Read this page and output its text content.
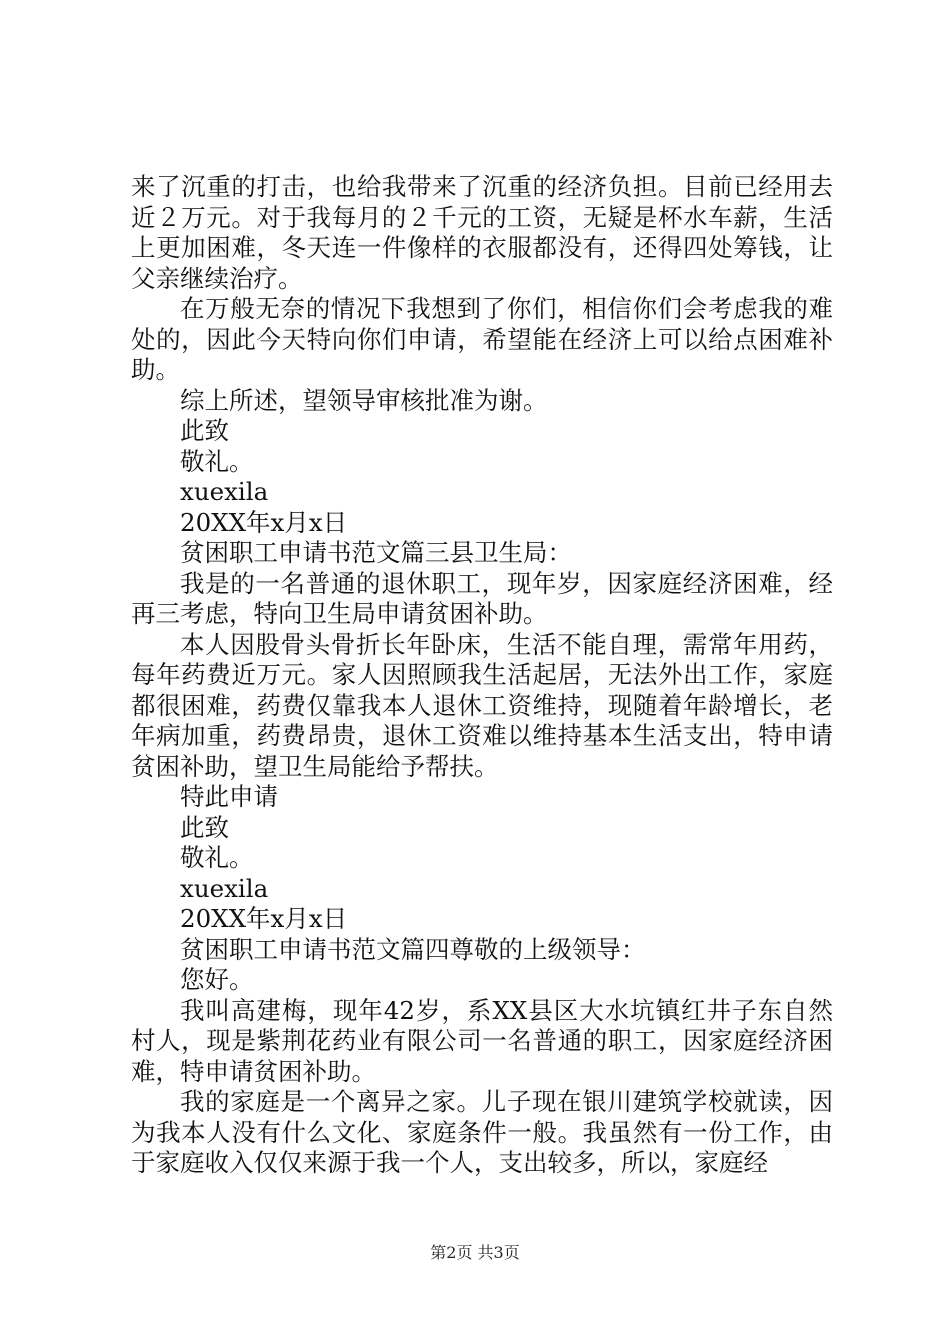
来了沉重的打击，也给我带来了沉重的经济负担。目前已经用去近２万元。对于我每月的２千元的工资，无疑是杯水车薪，生活上更加困难，冬天连一件像样的衣服都没有，还得四处筹钱，让父亲继续治疗。

在万般无奈的情况下我想到了你们，相信你们会考虑我的难处的，因此今天特向你们申请，希望能在经济上可以给点困难补助。

综上所述，望领导审核批准为谢。

此致

敬礼。

xuexila

20XX年x月x日

贫困职工申请书范文篇三县卫生局：

我是的一名普通的退休职工，现年岁，因家庭经济困难，经再三考虑，特向卫生局申请贫困补助。

本人因股骨头骨折长年卧床，生活不能自理，需常年用药，每年药费近万元。家人因照顾我生活起居，无法外出工作，家庭都很困难，药费仅靠我本人退休工资维持，现随着年龄增长，老年病加重，药费昂贵，退休工资难以维持基本生活支出，特申请贫困补助，望卫生局能给予帮扶。

特此申请

此致

敬礼。

xuexila

20XX年x月x日

贫困职工申请书范文篇四尊敬的上级领导：

您好。

我叫高建梅，现年42岁，系XX县区大水坑镇红井子东自然村人，现是紫荆花药业有限公司一名普通的职工，因家庭经济困难，特申请贫困补助。

我的家庭是一个离异之家。儿子现在银川建筑学校就读，因为我本人没有什么文化、家庭条件一般。我虽然有一份工作，由于家庭收入仅仅来源于我一个人，支出较多，所以，家庭经

第2页 共3页
